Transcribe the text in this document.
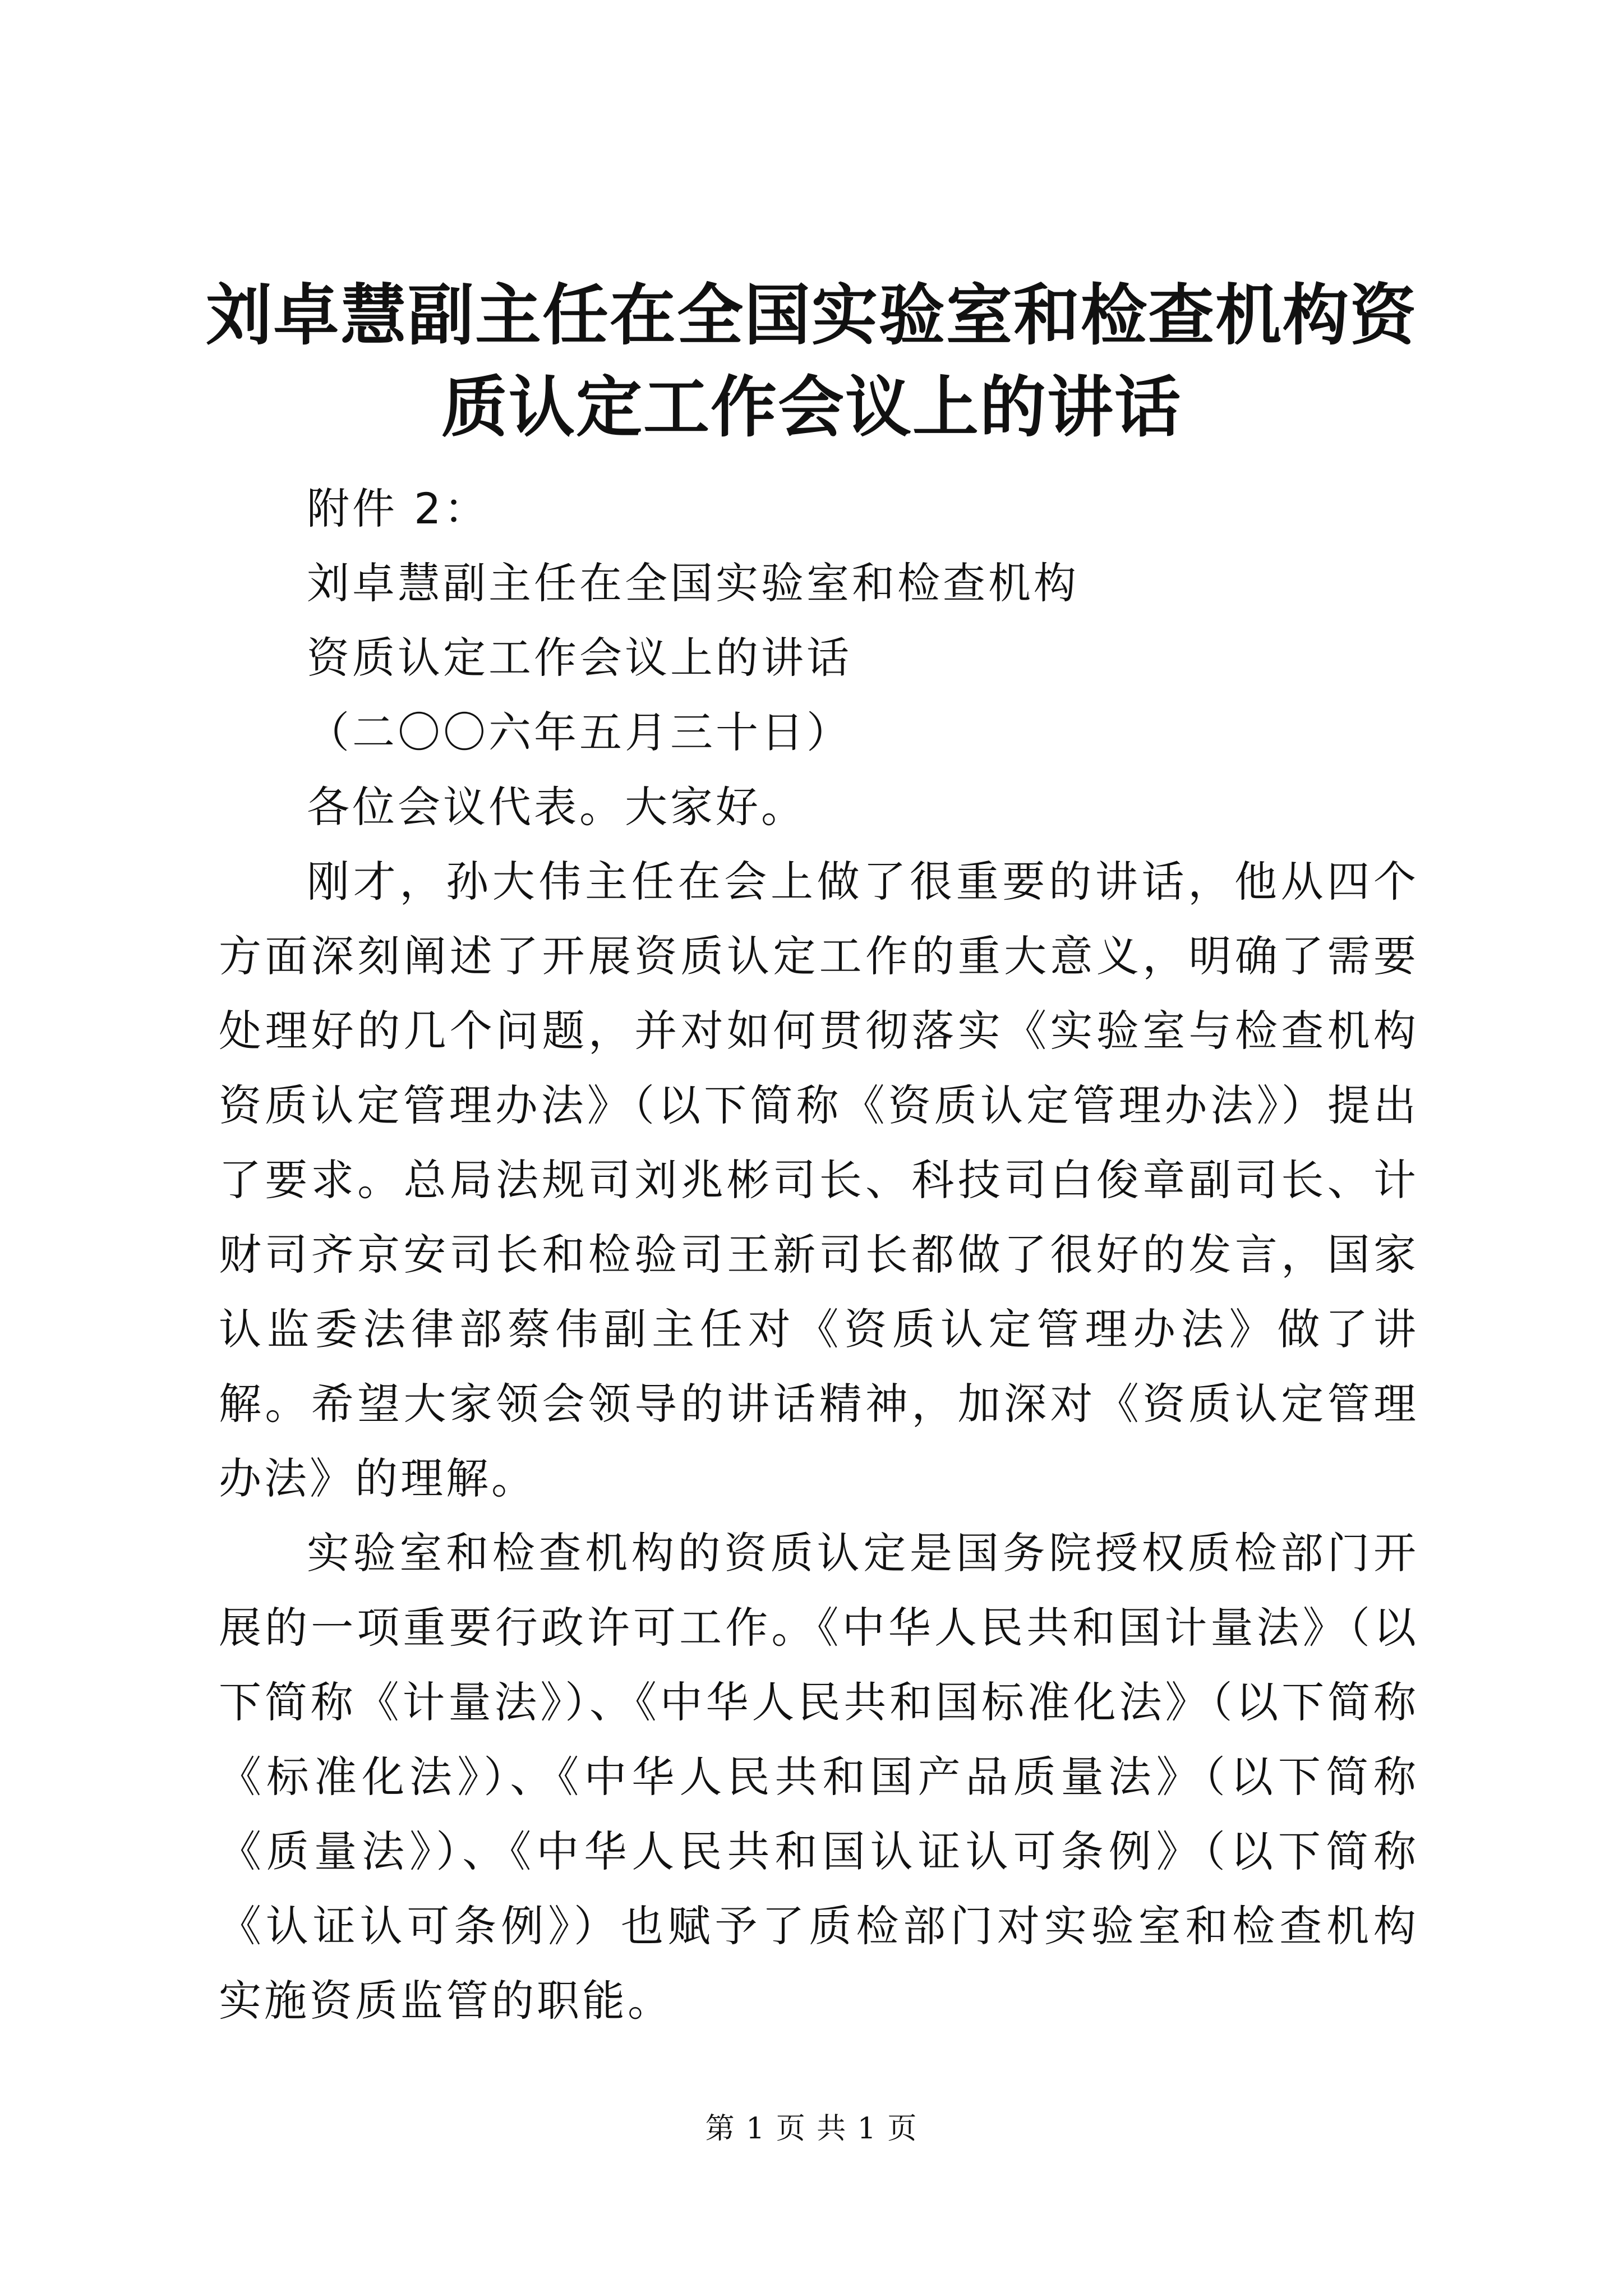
刘卓慧副主任在全国实验室和检查机构资质认定工作会议上的讲话

附件 2：

刘卓慧副主任在全国实验室和检查机构

资质认定工作会议上的讲话

（二〇〇六年五月三十日）

各位会议代表。大家好。

刚才，孙大伟主任在会上做了很重要的讲话，他从四个方面深刻阐述了开展资质认定工作的重大意义，明确了需要处理好的几个问题，并对如何贯彻落实《实验室与检查机构资质认定管理办法》（以下简称《资质认定管理办法》）提出了要求。总局法规司刘兆彬司长、科技司白俊章副司长、计财司齐京安司长和检验司王新司长都做了很好的发言，国家认监委法律部蔡伟副主任对《资质认定管理办法》做了讲解。希望大家领会领导的讲话精神，加深对《资质认定管理办法》的理解。

实验室和检查机构的资质认定是国务院授权质检部门开展的一项重要行政许可工作。《中华人民共和国计量法》（以下简称《计量法》）、《中华人民共和国标准化法》（以下简称《标准化法》）、《中华人民共和国产品质量法》（以下简称《质量法》）、《中华人民共和国认证认可条例》（以下简称《认证认可条例》）也赋予了质检部门对实验室和检查机构实施资质监管的职能。

第 1 页 共 1 页
